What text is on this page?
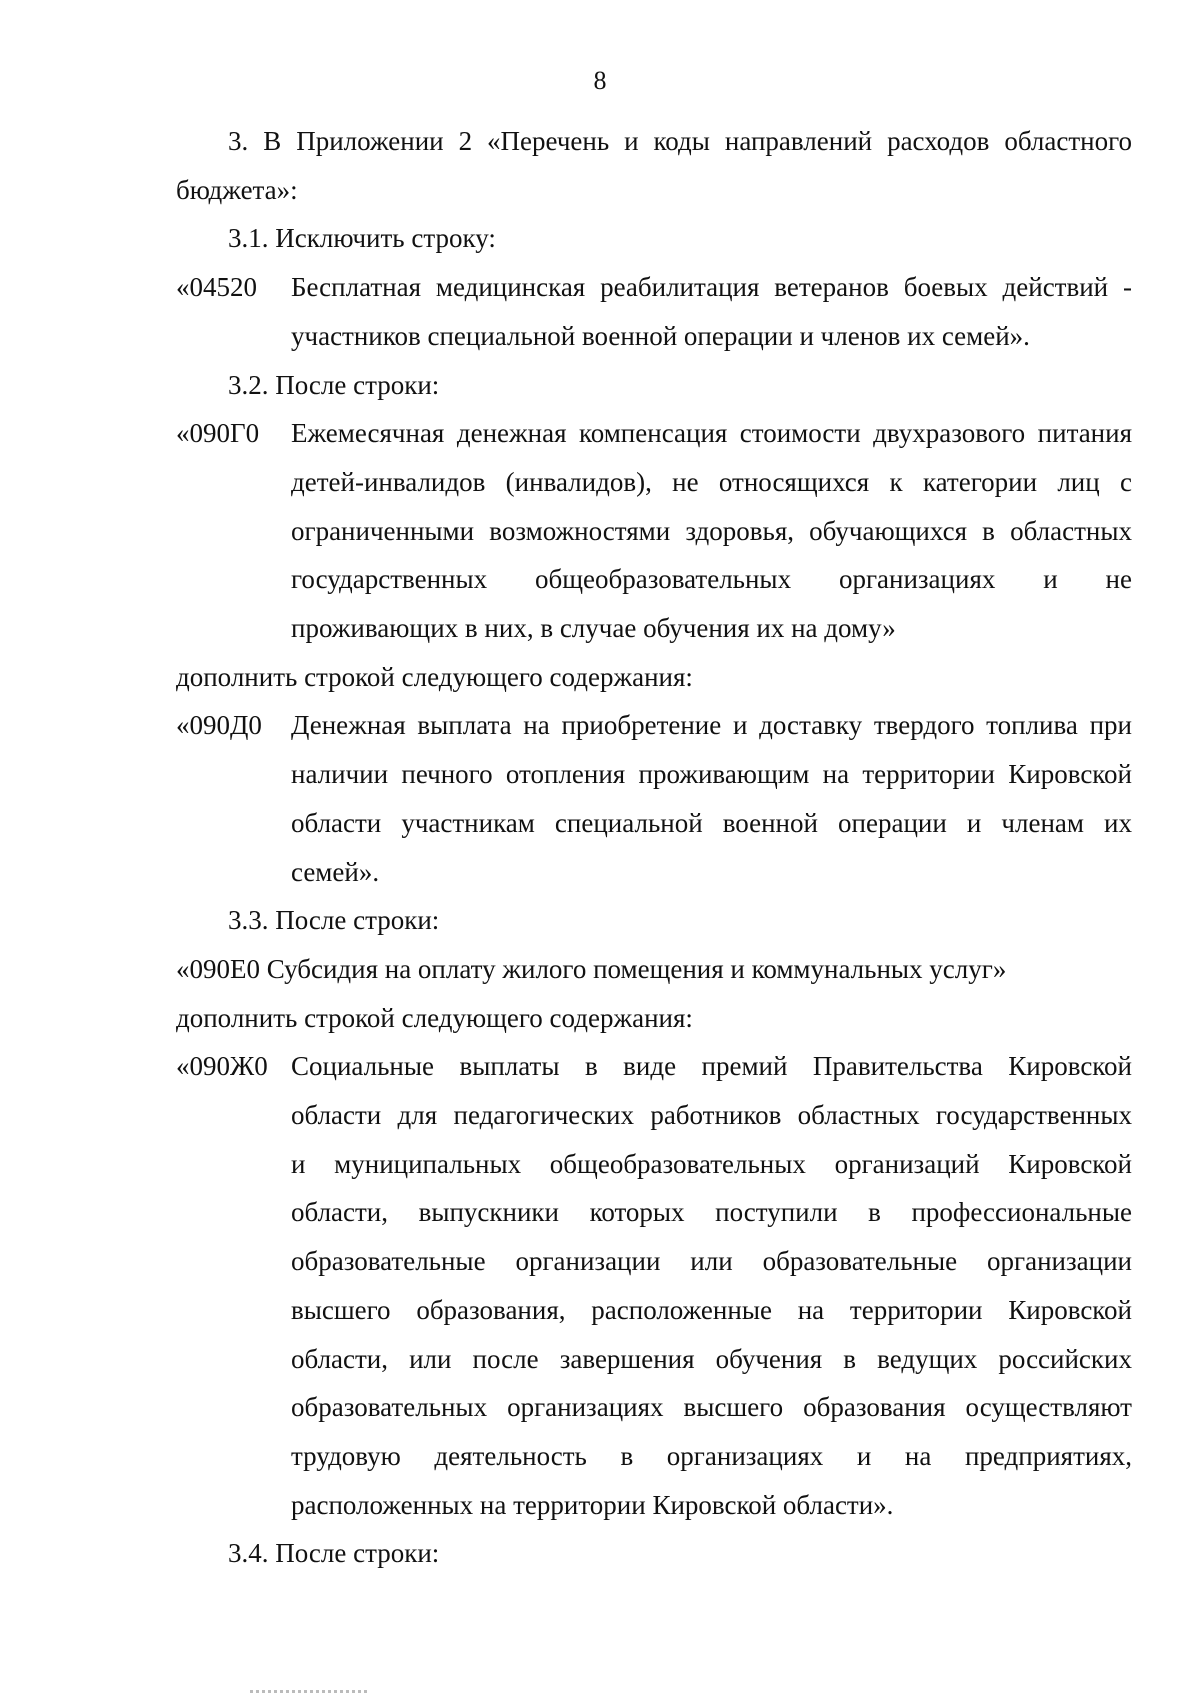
8
3. В Приложении 2 «Перечень и коды направлений расходов областного
бюджета»:
3.1. Исключить строку:
«04520	Бесплатная медицинская реабилитация ветеранов боевых действий -
участников специальной военной операции и членов их семей».
3.2. После строки:
«090Г0	Ежемесячная денежная компенсация стоимости двухразового питания
детей-инвалидов (инвалидов), не относящихся к категории лиц с
ограниченными возможностями здоровья, обучающихся в областных
государственных общеобразовательных организациях и не
проживающих в них, в случае обучения их на дому»
дополнить строкой следующего содержания:
«090Д0	Денежная выплата на приобретение и доставку твердого топлива при
наличии печного отопления проживающим на территории Кировской
области участникам специальной военной операции и членам их
семей».
3.3. После строки:
«090Е0 Субсидия на оплату жилого помещения и коммунальных услуг»
дополнить строкой следующего содержания:
«090Ж0 Социальные выплаты в виде премий Правительства Кировской
области для педагогических работников областных государственных
и муниципальных общеобразовательных организаций Кировской
области, выпускники которых поступили в профессиональные
образовательные организации или образовательные организации
высшего образования, расположенные на территории Кировской
области, или после завершения обучения в ведущих российских
образовательных организациях высшего образования осуществляют
трудовую деятельность в организациях и на предприятиях,
расположенных на территории Кировской области».
3.4. После строки:
